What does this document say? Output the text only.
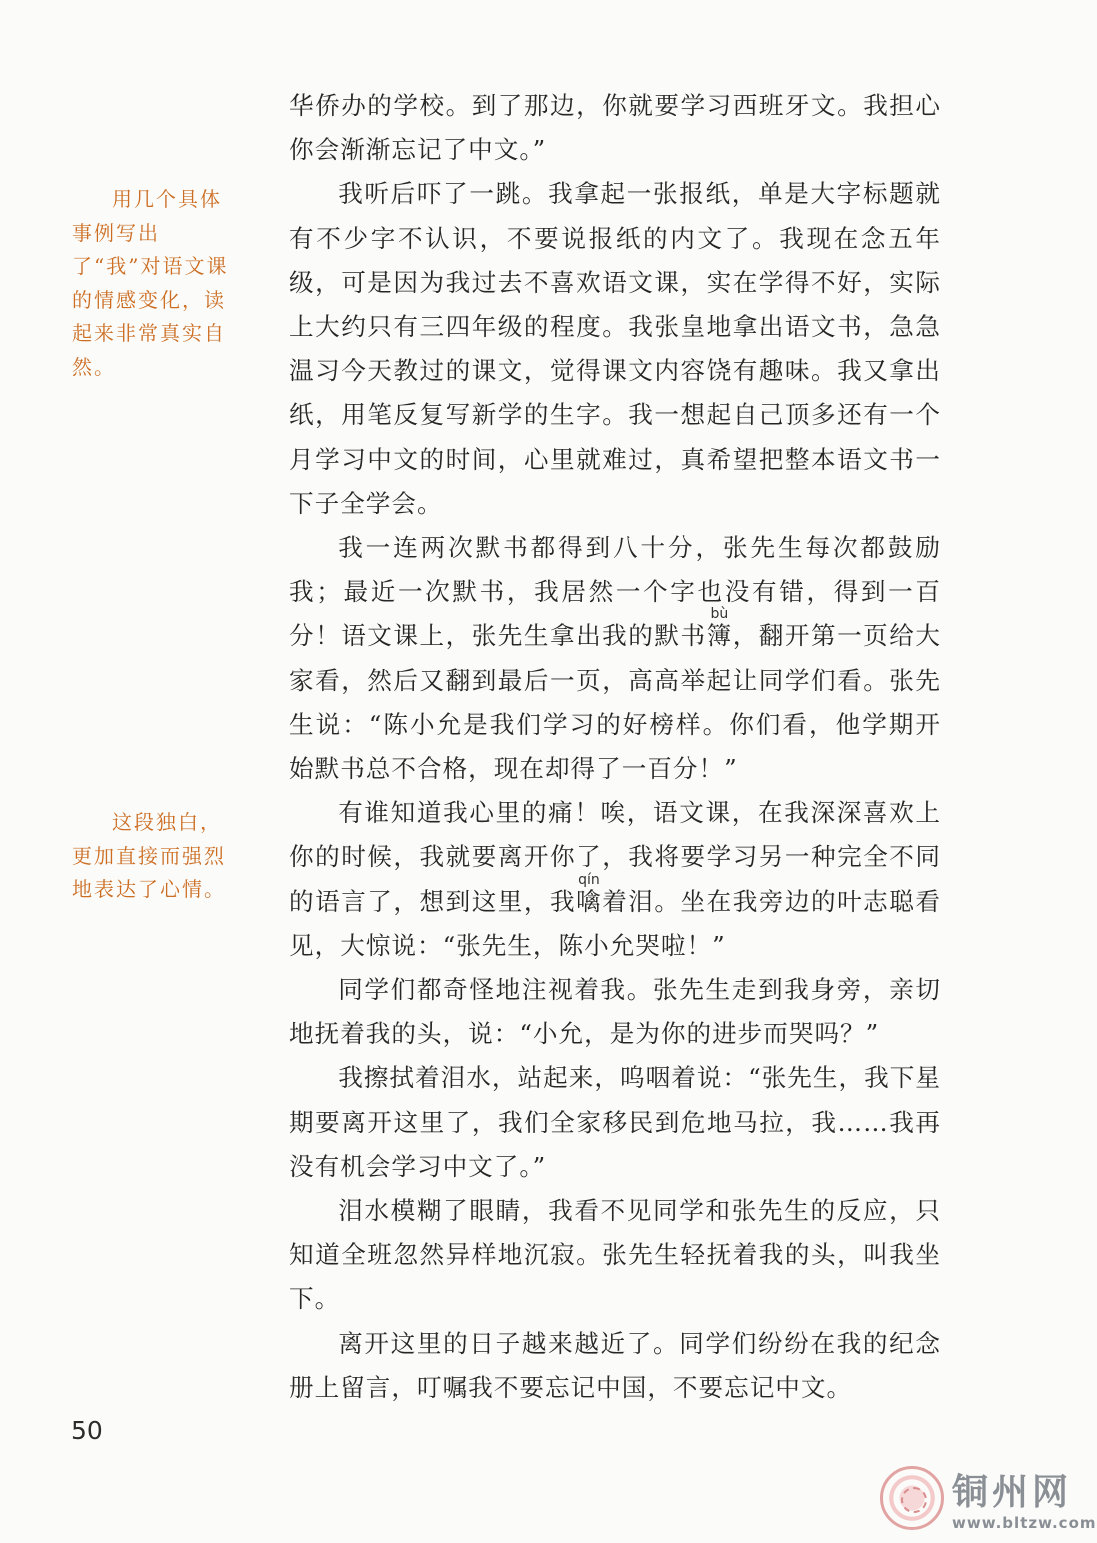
华侨办的学校。到了那边，你就要学习西班牙文。我担心你会渐渐忘记了中文。”

我听后吓了一跳。我拿起一张报纸，单是大字标题就有不少字不认识，不要说报纸的内文了。我现在念五年级，可是因为我过去不喜欢语文课，实在学得不好，实际上大约只有三四年级的程度。我张皇地拿出语文书，急急温习今天教过的课文，觉得课文内容饶有趣味。我又拿出纸，用笔反复写新学的生字。我一想起自己顶多还有一个月学习中文的时间，心里就难过，真希望把整本语文书一下子全学会。

我一连两次默书都得到八十分，张先生每次都鼓励我；最近一次默书，我居然一个字也没有错，得到一百分！语文课上，张先生拿出我的默书簿bù，翻开第一页给大家看，然后又翻到最后一页，高高举起让同学们看。张先生说：“陈小允是我们学习的好榜样。你们看，他学期开始默书总不合格，现在却得了一百分！”

有谁知道我心里的痛！唉，语文课，在我深深喜欢上你的时候，我就要离开你了，我将要学习另一种完全不同的语言了，想到这里，我噙qín着泪。坐在我旁边的叶志聪看见，大惊说：“张先生，陈小允哭啦！”

同学们都奇怪地注视着我。张先生走到我身旁，亲切地抚着我的头，说：“小允，是为你的进步而哭吗？”

我擦拭着泪水，站起来，呜咽着说：“张先生，我下星期要离开这里了，我们全家移民到危地马拉，我……我再没有机会学习中文了。”

泪水模糊了眼睛，我看不见同学和张先生的反应，只知道全班忽然异样地沉寂。张先生轻抚着我的头，叫我坐下。

离开这里的日子越来越近了。同学们纷纷在我的纪念册上留言，叮嘱我不要忘记中国，不要忘记中文。

用几个具体事例写出了“我”对语文课的情感变化，读起来非常真实自然。

这段独白，更加直接而强烈地表达了心情。

50
铜州网
www.bltzw.com
